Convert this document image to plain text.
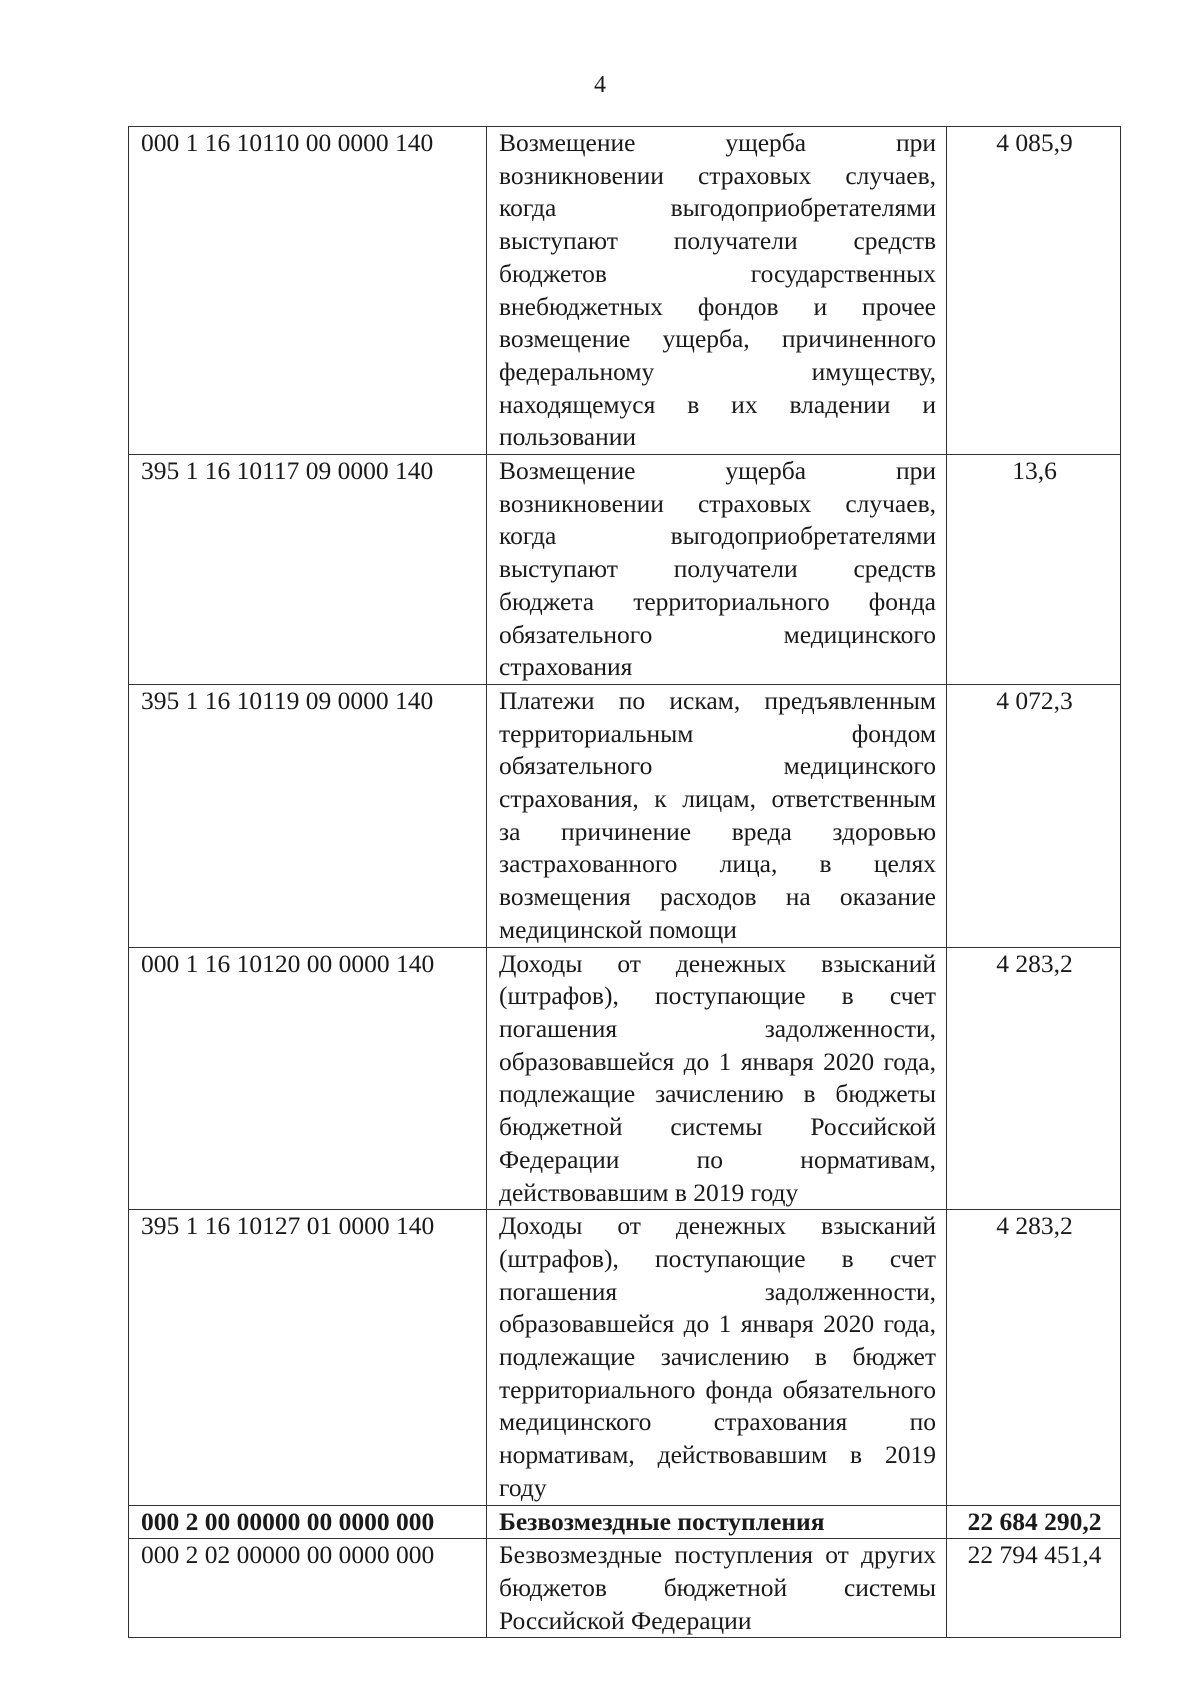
4
000 1 16 10110 00 0000 140	Возмещение ущерба при возникновении страховых случаев, когда выгодоприобретателями выступают получатели средств бюджетов государственных внебюджетных фондов и прочее возмещение ущерба, причиненного федеральному имуществу, находящемуся в их владении и пользовании	4 085,9
395 1 16 10117 09 0000 140	Возмещение ущерба при возникновении страховых случаев, когда выгодоприобретателями выступают получатели средств бюджета территориального фонда обязательного медицинского страхования	13,6
395 1 16 10119 09 0000 140	Платежи по искам, предъявленным территориальным фондом обязательного медицинского страхования, к лицам, ответственным за причинение вреда здоровью застрахованного лица, в целях возмещения расходов на оказание медицинской помощи	4 072,3
000 1 16 10120 00 0000 140	Доходы от денежных взысканий (штрафов), поступающие в счет погашения задолженности, образовавшейся до 1 января 2020 года, подлежащие зачислению в бюджеты бюджетной системы Российской Федерации по нормативам, действовавшим в 2019 году	4 283,2
395 1 16 10127 01 0000 140	Доходы от денежных взысканий (штрафов), поступающие в счет погашения задолженности, образовавшейся до 1 января 2020 года, подлежащие зачислению в бюджет территориального фонда обязательного медицинского страхования по нормативам, действовавшим в 2019 году	4 283,2
000 2 00 00000 00 0000 000	Безвозмездные поступления	22 684 290,2
000 2 02 00000 00 0000 000	Безвозмездные поступления от других бюджетов бюджетной системы Российской Федерации	22 794 451,4
